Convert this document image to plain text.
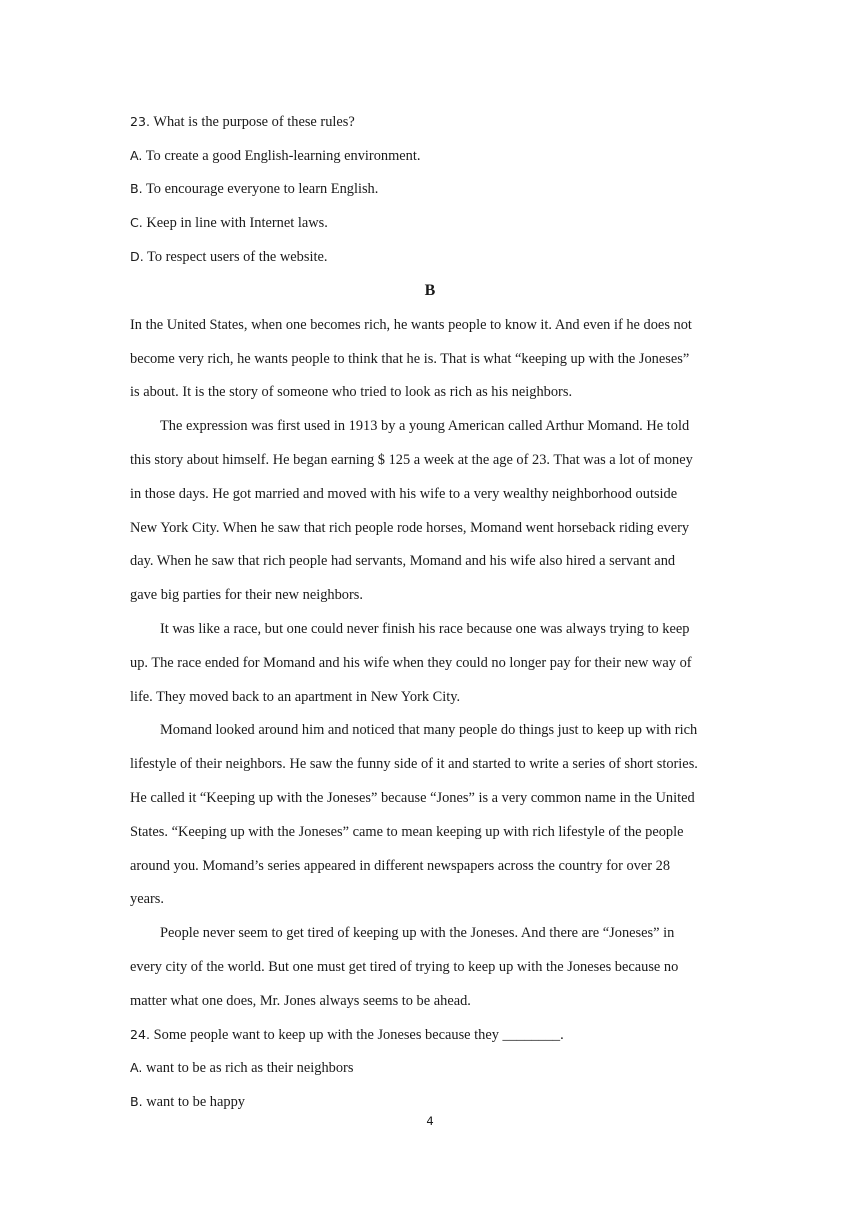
23. What is the purpose of these rules?
A. To create a good English-learning environment.
B. To encourage everyone to learn English.
C. Keep in line with Internet laws.
D. To respect users of the website.
B
In the United States, when one becomes rich, he wants people to know it. And even if he does not
become very rich, he wants people to think that he is. That is what “keeping up with the Joneses”
is about. It is the story of someone who tried to look as rich as his neighbors.
The expression was first used in 1913 by a young American called Arthur Momand. He told
this story about himself. He began earning $ 125 a week at the age of 23. That was a lot of money
in those days. He got married and moved with his wife to a very wealthy neighborhood outside
New York City. When he saw that rich people rode horses, Momand went horseback riding every
day. When he saw that rich people had servants, Momand and his wife also hired a servant and
gave big parties for their new neighbors.
It was like a race, but one could never finish his race because one was always trying to keep
up. The race ended for Momand and his wife when they could no longer pay for their new way of
life. They moved back to an apartment in New York City.
Momand looked around him and noticed that many people do things just to keep up with rich
lifestyle of their neighbors. He saw the funny side of it and started to write a series of short stories.
He called it “Keeping up with the Joneses” because “Jones” is a very common name in the United
States. “Keeping up with the Joneses” came to mean keeping up with rich lifestyle of the people
around you. Momand’s series appeared in different newspapers across the country for over 28
years.
People never seem to get tired of keeping up with the Joneses. And there are “Joneses” in
every city of the world. But one must get tired of trying to keep up with the Joneses because no
matter what one does, Mr. Jones always seems to be ahead.
24. Some people want to keep up with the Joneses because they ________.
A. want to be as rich as their neighbors
B. want to be happy
4
